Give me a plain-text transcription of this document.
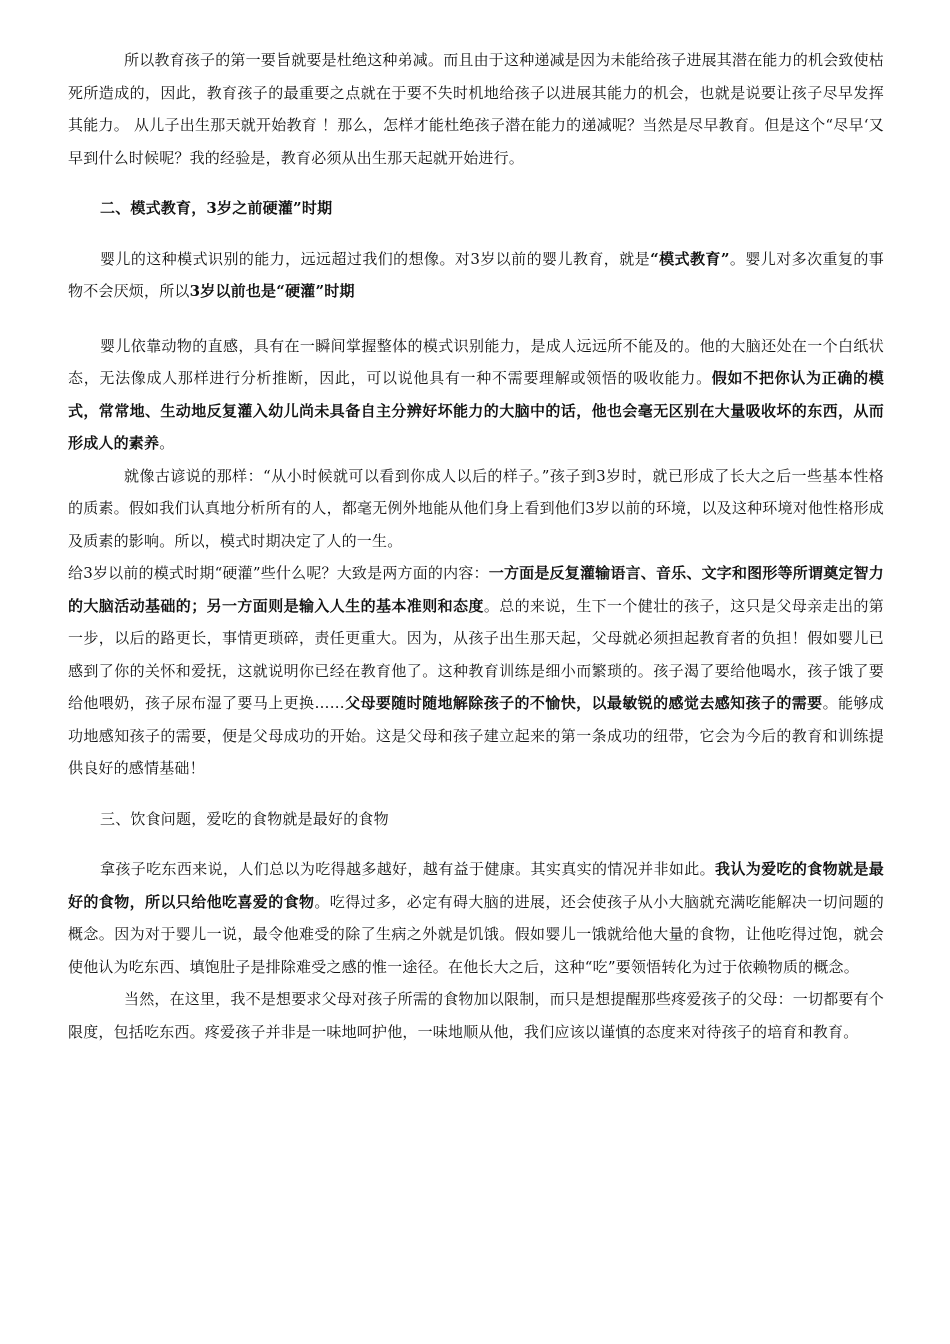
所以教育孩子的第一要旨就要是杜绝这种弟减。而且由于这种递减是因为未能给孩子进展其潜在能力的机会致使枯死所造成的，因此，教育孩子的最重要之点就在于要不失时机地给孩子以进展其能力的机会，也就是说要让孩子尽早发挥其能力。 从儿子出生那天就开始教育 ！那么，怎样才能杜绝孩子潜在能力的递减呢？当然是尽早教育。但是这个“尽早‘又早到什么时候呢？我的经验是，教育必须从出生那天起就开始进行。

二、模式教育，3岁之前硬灌”时期

婴儿的这种模式识别的能力，远远超过我们的想像。对3岁以前的婴儿教育，就是“模式教育”。婴儿对多次重复的事物不会厌烦，所以3岁以前也是“硬灌”时期

婴儿依靠动物的直感，具有在一瞬间掌握整体的模式识别能力，是成人远远所不能及的。他的大脑还处在一个白纸状态，无法像成人那样进行分析推断，因此，可以说他具有一种不需要理解或领悟的吸收能力。假如不把你认为正确的模式，常常地、生动地反复灌入幼儿尚未具备自主分辨好坏能力的大脑中的话，他也会毫无区别在大量吸收坏的东西，从而形成人的素养。

就像古谚说的那样：“从小时候就可以看到你成人以后的样子。”孩子到3岁时，就已形成了长大之后一些基本性格的质素。假如我们认真地分析所有的人，都毫无例外地能从他们身上看到他们3岁以前的环境，以及这种环境对他性格形成及质素的影响。所以，模式时期决定了人的一生。

给3岁以前的模式时期“硬灌”些什么呢？大致是两方面的内容：一方面是反复灌输语言、音乐、文字和图形等所谓奠定智力的大脑活动基础的；另一方面则是输入人生的基本准则和态度。总的来说，生下一个健壮的孩子，这只是父母亲走出的第一步，以后的路更长，事情更琐碎，责任更重大。因为，从孩子出生那天起，父母就必须担起教育者的负担！假如婴儿已感到了你的关怀和爱抚，这就说明你已经在教育他了。这种教育训练是细小而繁琐的。孩子渴了要给他喝水，孩子饿了要给他喂奶，孩子尿布湿了要马上更换……父母要随时随地解除孩子的不愉快，以最敏锐的感觉去感知孩子的需要。能够成功地感知孩子的需要，便是父母成功的开始。这是父母和孩子建立起来的第一条成功的纽带，它会为今后的教育和训练提供良好的感情基础！

三、饮食问题，爱吃的食物就是最好的食物

拿孩子吃东西来说，人们总以为吃得越多越好，越有益于健康。其实真实的情况并非如此。我认为爱吃的食物就是最好的食物，所以只给他吃喜爱的食物。吃得过多，必定有碍大脑的进展，还会使孩子从小大脑就充满吃能解决一切问题的概念。因为对于婴儿一说，最令他难受的除了生病之外就是饥饿。假如婴儿一饿就给他大量的食物，让他吃得过饱，就会使他认为吃东西、填饱肚子是排除难受之感的惟一途径。在他长大之后，这种“吃”要领悟转化为过于依赖物质的概念。

当然，在这里，我不是想要求父母对孩子所需的食物加以限制，而只是想提醒那些疼爱孩子的父母：一切都要有个限度，包括吃东西。疼爱孩子并非是一味地呵护他，一味地顺从他，我们应该以谨慎的态度来对待孩子的培育和教育。
